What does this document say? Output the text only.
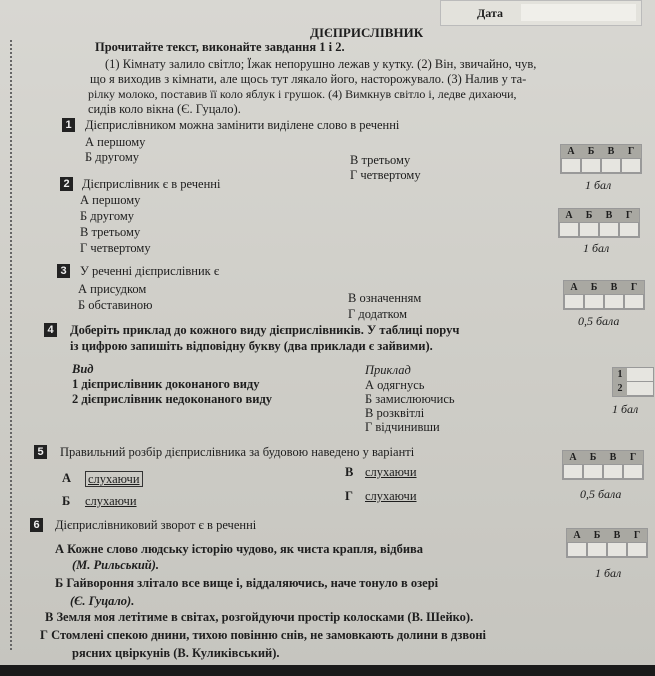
Дата
ДІЄПРИСЛІВНИК
Прочитайте текст, виконайте завдання 1 і 2.
(1) Кімнату залило світло; Їжак непорушно лежав у кутку. (2) Він, звичайно, чув,
що я виходив з кімнати, але щось тут лякало його, насторожувало. (3) Налив у та-
рілку молоко, поставив її коло яблук і грушок. (4) Вимкнув світло і, ледве дихаючи,
сидів коло вікна (Є. Гуцало).
1 Дієприслівником можна замінити виділене слово в реченні
А першому
Б другому	В третьому
Г четвертому
А	Б	В	Г
1 бал
2 Дієприслівник є в реченні
А першому
Б другому
В третьому
Г четвертому
А	Б	В	Г
1 бал
3 У реченні дієприслівник є
А присудком
Б обставиною	В означенням
Г додатком
А	Б	В	Г
0,5 бала
4 Доберіть приклад до кожного виду дієприслівників. У таблиці поруч
із цифрою запишіть відповідну букву (два приклади є зайвими).
Вид	Приклад
1 дієприслівник доконаного виду
2 дієприслівник недоконаного виду
А одягнусь
Б замислюючись
В розквітлі
Г відчинивши
1
2
1 бал
5 Правильний розбір дієприслівника за будовою наведено у варіанті
А слухаючи
Б слухаючи
В слухаючи
Г слухаючи
А	Б	В	Г
0,5 бала
6 Дієприслівниковий зворот є в реченні
А Кожне слово людську історію чудово, як чиста крапля, відбива
(М. Рильський).
Б Гайвороння злітало все вище і, віддаляючись, наче тонуло в озері
(Є. Гуцало).
В Земля моя летітиме в світах, розгойдуючи простір колосками (В. Шейко).
Г Стомлені спекою днини, тихою повінню снів, не замовкають долини в дзвоні
рясних цвіркунів (В. Куликівський).
А	Б	В	Г
1 бал
